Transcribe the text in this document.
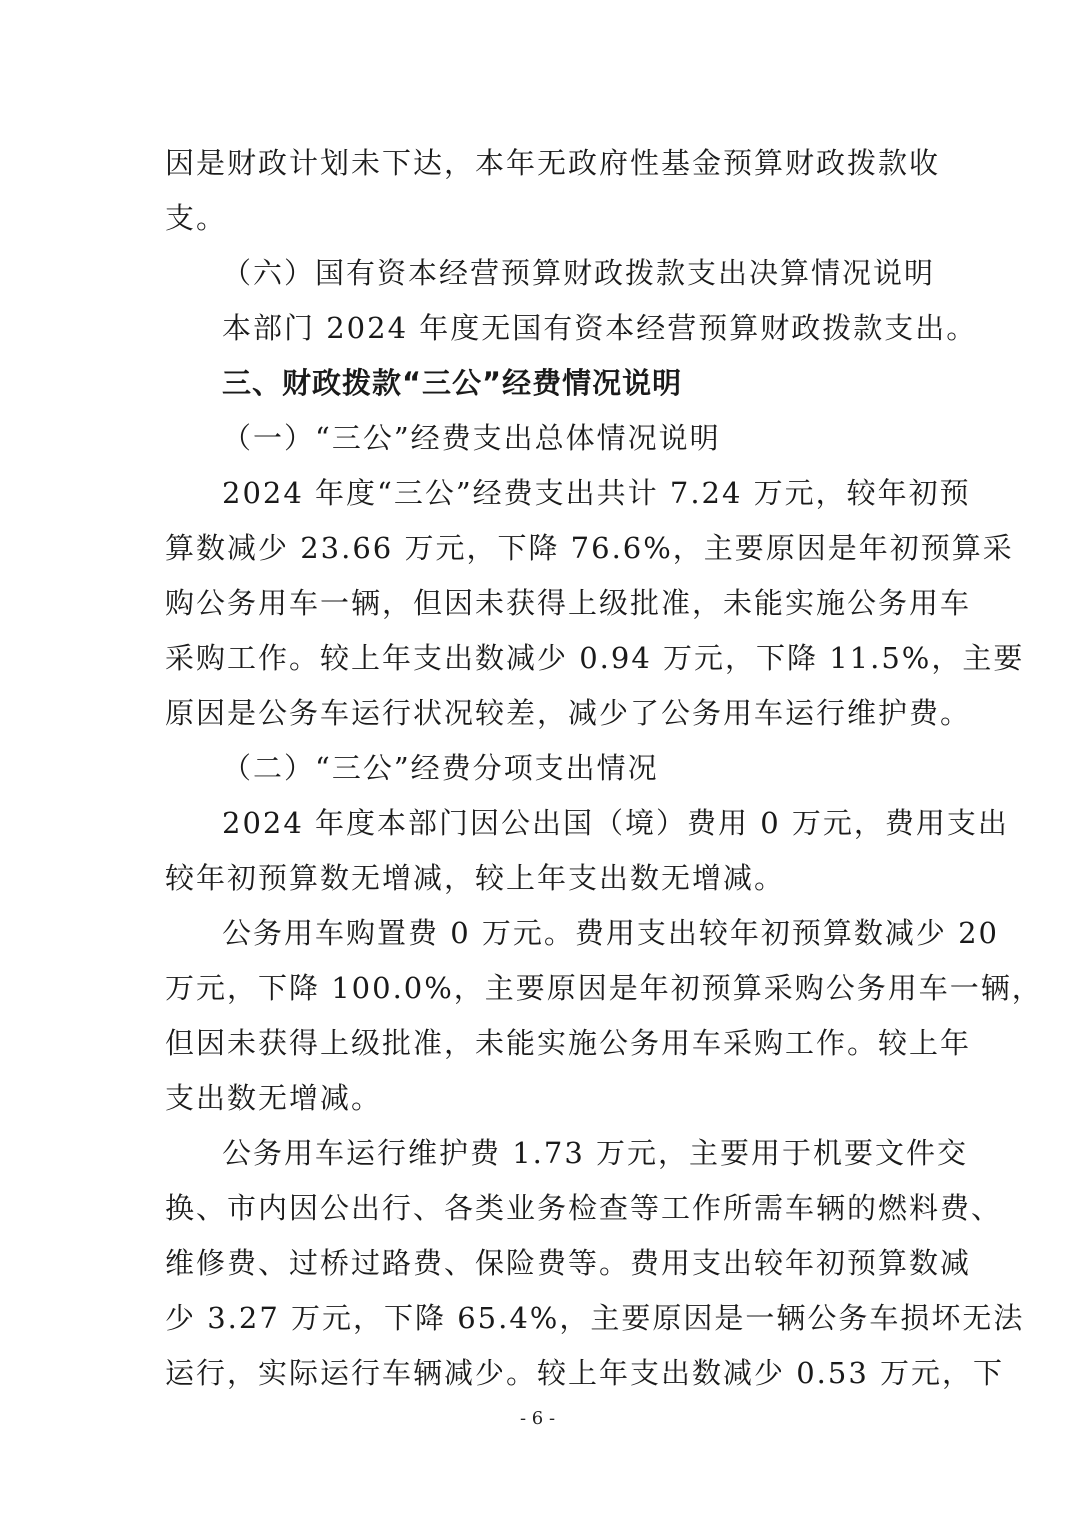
因是财政计划未下达，本年无政府性基金预算财政拨款收
支。
（六）国有资本经营预算财政拨款支出决算情况说明
本部门 2024 年度无国有资本经营预算财政拨款支出。
三、财政拨款“三公”经费情况说明
（一）“三公”经费支出总体情况说明
2024 年度“三公”经费支出共计 7.24 万元，较年初预
算数减少 23.66 万元，下降 76.6%，主要原因是年初预算采
购公务用车一辆，但因未获得上级批准，未能实施公务用车
采购工作。较上年支出数减少 0.94 万元，下降 11.5%，主要
原因是公务车运行状况较差，减少了公务用车运行维护费。
（二）“三公”经费分项支出情况
2024 年度本部门因公出国（境）费用 0 万元，费用支出
较年初预算数无增减，较上年支出数无增减。
公务用车购置费 0 万元。费用支出较年初预算数减少 20
万元，下降 100.0%，主要原因是年初预算采购公务用车一辆，
但因未获得上级批准，未能实施公务用车采购工作。较上年
支出数无增减。
公务用车运行维护费 1.73 万元，主要用于机要文件交
换、市内因公出行、各类业务检查等工作所需车辆的燃料费、
维修费、过桥过路费、保险费等。费用支出较年初预算数减
少 3.27 万元，下降 65.4%，主要原因是一辆公务车损坏无法
运行，实际运行车辆减少。较上年支出数减少 0.53 万元，下
- 6 -
